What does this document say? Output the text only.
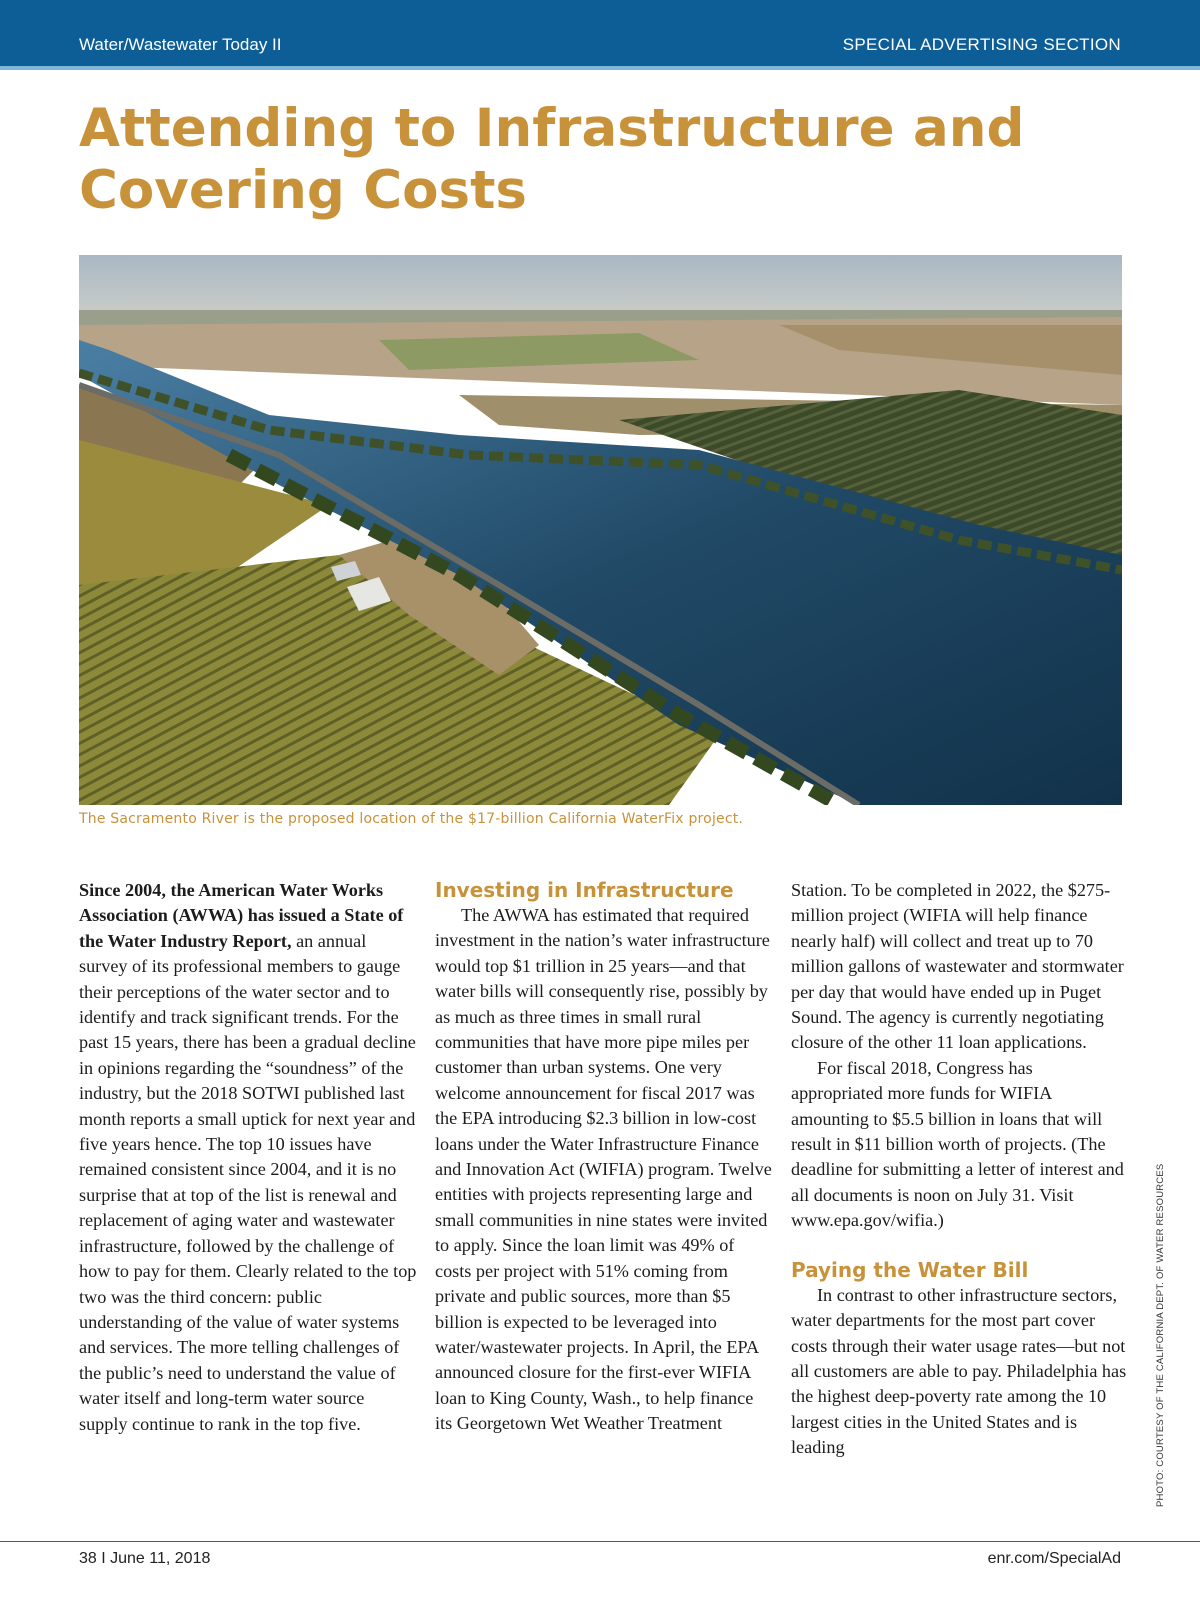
Water/Wastewater Today II	SPECIAL ADVERTISING SECTION
Attending to Infrastructure and
Covering Costs
The Sacramento River is the proposed location of the $17-billion California WaterFix project.

Since 2004, the American Water Works Association (AWWA) has issued a State of the Water Industry Report, an annual survey of its professional members to gauge their perceptions of the water sector and to identify and track significant trends. For the past 15 years, there has been a gradual decline in opinions regarding the “soundness” of the industry, but the 2018 SOTWI published last month reports a small uptick for next year and five years hence. The top 10 issues have remained consistent since 2004, and it is no surprise that at top of the list is renewal and replacement of aging water and wastewater infrastructure, followed by the challenge of how to pay for them. Clearly related to the top two was the third concern: public understanding of the value of water systems and services. The more telling challenges of the public’s need to understand the value of water itself and long-term water source supply continue to rank in the top five.

Investing in Infrastructure

The AWWA has estimated that required investment in the nation’s water infrastructure would top $1 trillion in 25 years—and that water bills will consequently rise, possibly by as much as three times in small rural communities that have more pipe miles per customer than urban systems. One very welcome announcement for fiscal 2017 was the EPA introducing $2.3 billion in low-cost loans under the Water Infrastructure Finance and Innovation Act (WIFIA) program. Twelve entities with projects representing large and small communities in nine states were invited to apply. Since the loan limit was 49% of costs per project with 51% coming from private and public sources, more than $5 billion is expected to be leveraged into water/wastewater projects. In April, the EPA announced closure for the first-ever WIFIA loan to King County, Wash., to help finance its Georgetown Wet Weather Treatment

Station. To be completed in 2022, the $275-million project (WIFIA will help finance nearly half) will collect and treat up to 70 million gallons of wastewater and stormwater per day that would have ended up in Puget Sound. The agency is currently negotiating closure of the other 11 loan applications.

For fiscal 2018, Congress has appropriated more funds for WIFIA amounting to $5.5 billion in loans that will result in $11 billion worth of projects. (The deadline for submitting a letter of interest and all documents is noon on July 31. Visit www.epa.gov/wifia.)

Paying the Water Bill

In contrast to other infrastructure sectors, water departments for the most part cover costs through their water usage rates—but not all customers are able to pay. Philadelphia has the highest deep-poverty rate among the 10 largest cities in the United States and is leading	PHOTO: COURTESY OF THE CALIFORNIA DEPT. OF WATER RESOURCES
38 I June 11, 2018	enr.com/SpecialAd
